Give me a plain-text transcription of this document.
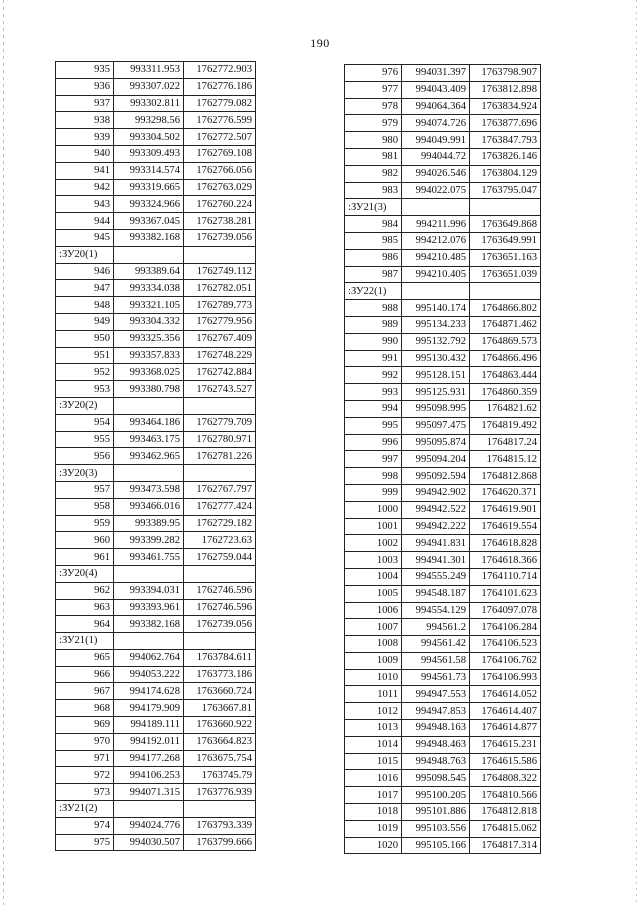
190
935	993311.953	1762772.903
936	993307.022	1762776.186
937	993302.811	1762779.082
938	993298.56	1762776.599
939	993304.502	1762772.507
940	993309.493	1762769.108
941	993314.574	1762766.056
942	993319.665	1762763.029
943	993324.966	1762760.224
944	993367.045	1762738.281
945	993382.168	1762739.056
:ЗУ20(1)		
946	993389.64	1762749.112
947	993334.038	1762782.051
948	993321.105	1762789.773
949	993304.332	1762779.956
950	993325.356	1762767.409
951	993357.833	1762748.229
952	993368.025	1762742.884
953	993380.798	1762743.527
:ЗУ20(2)		
954	993464.186	1762779.709
955	993463.175	1762780.971
956	993462.965	1762781.226
:ЗУ20(3)		
957	993473.598	1762767.797
958	993466.016	1762777.424
959	993389.95	1762729.182
960	993399.282	1762723.63
961	993461.755	1762759.044
:ЗУ20(4)		
962	993394.031	1762746.596
963	993393.961	1762746.596
964	993382.168	1762739.056
:ЗУ21(1)		
965	994062.764	1763784.611
966	994053.222	1763773.186
967	994174.628	1763660.724
968	994179.909	1763667.81
969	994189.111	1763660.922
970	994192.011	1763664.823
971	994177.268	1763675.754
972	994106.253	1763745.79
973	994071.315	1763776.939
:ЗУ21(2)		
974	994024.776	1763793.339
975	994030.507	1763799.666
976	994031.397	1763798.907
977	994043.409	1763812.898
978	994064.364	1763834.924
979	994074.726	1763877.696
980	994049.991	1763847.793
981	994044.72	1763826.146
982	994026.546	1763804.129
983	994022.075	1763795.047
:ЗУ21(3)		
984	994211.996	1763649.868
985	994212.076	1763649.991
986	994210.485	1763651.163
987	994210.405	1763651.039
:ЗУ22(1)		
988	995140.174	1764866.802
989	995134.233	1764871.462
990	995132.792	1764869.573
991	995130.432	1764866.496
992	995128.151	1764863.444
993	995125.931	1764860.359
994	995098.995	1764821.62
995	995097.475	1764819.492
996	995095.874	1764817.24
997	995094.204	1764815.12
998	995092.594	1764812.868
999	994942.902	1764620.371
1000	994942.522	1764619.901
1001	994942.222	1764619.554
1002	994941.831	1764618.828
1003	994941.301	1764618.366
1004	994555.249	1764110.714
1005	994548.187	1764101.623
1006	994554.129	1764097.078
1007	994561.2	1764106.284
1008	994561.42	1764106.523
1009	994561.58	1764106.762
1010	994561.73	1764106.993
1011	994947.553	1764614.052
1012	994947.853	1764614.407
1013	994948.163	1764614.877
1014	994948.463	1764615.231
1015	994948.763	1764615.586
1016	995098.545	1764808.322
1017	995100.205	1764810.566
1018	995101.886	1764812.818
1019	995103.556	1764815.062
1020	995105.166	1764817.314
